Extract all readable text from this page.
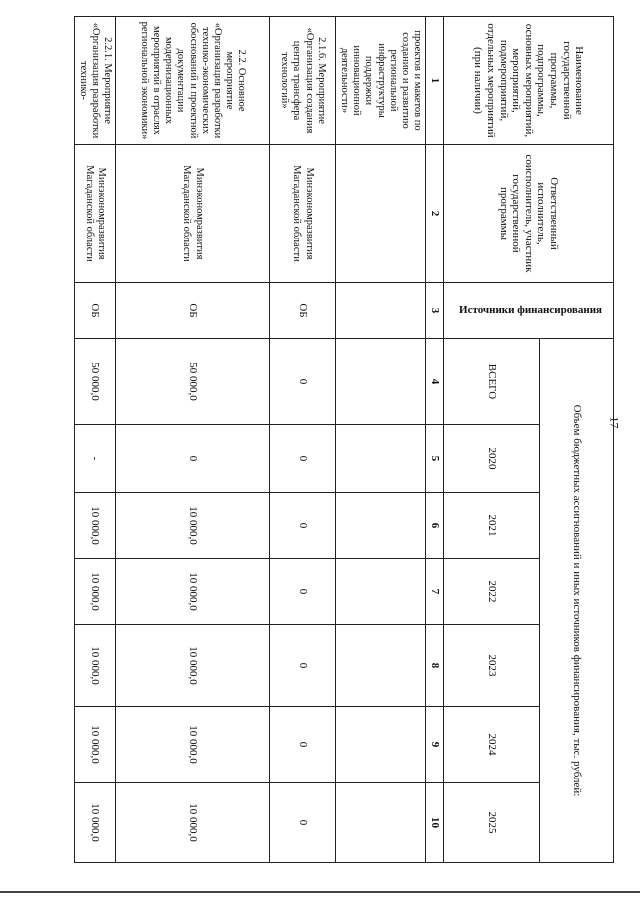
17
Наименование государственной программы, подпрограммы, основных мероприятий, мероприятий, подмероприятий, отдельных мероприятий (при наличии)	Ответственный исполнитель, соисполнитель, участник государственной программы	Источники финансирования	Объем бюджетных ассигнований и иных источников финансирования, тыс. рублей:						
			ВСЕГО	2020	2021	2022	2023	2024	2025
1	2	3	4	5	6	7	8	9	10
проектов и макетов по созданию и развитию региональной инфраструктуры поддержки инновационной деятельности»									
2.1.6. Мероприятие «Организация создания центра трансфера технологий»	Минэкономразвития Магаданской области	ОБ	0	0	0	0	0	0	0
2.2. Основное мероприятие «Организация разработки технико-экономических обоснований и проектной документации модернизационных мероприятий в отраслях региональной экономики»	Минэкономразвития Магаданской области	ОБ	50 000,0	0	10 000,0	10 000,0	10 000,0	10 000,0	10 000,0
2.2.1. Мероприятие «Организация разработки технико-	Минэкономразвития Магаданской области	ОБ	50 000,0	-	10 000,0	10 000,0	10 000,0	10 000,0	10 000,0
